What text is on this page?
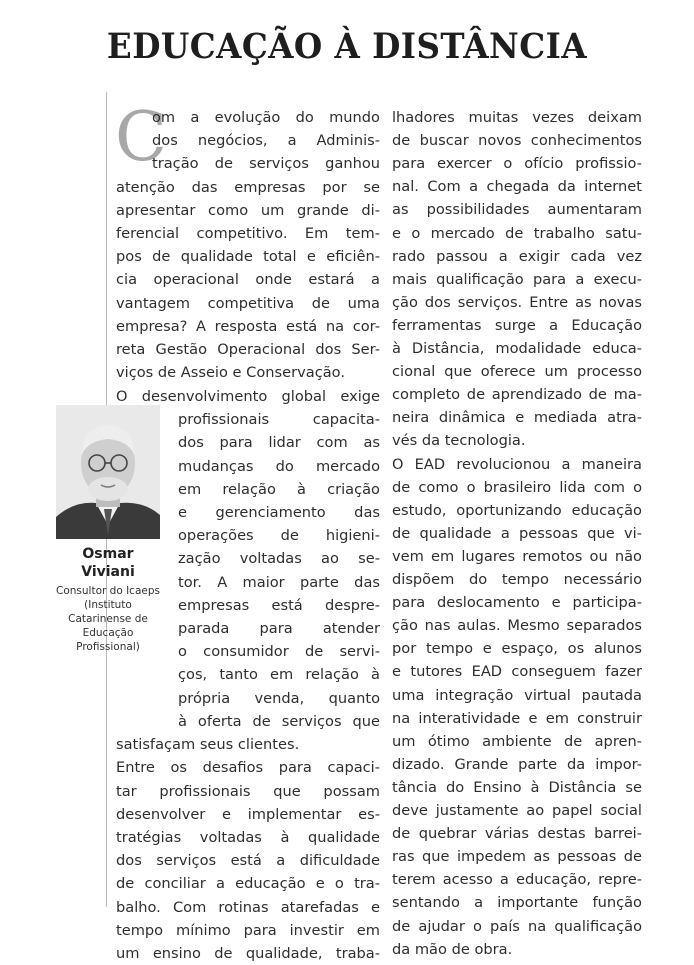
EDUCAÇÃO À DISTÂNCIA
C
Osmar
Viviani
Consultor do Icaeps (Instituto Catarinense de Educação Profissional)
om a evolução do mundo
dos negócios, a Adminis-
tração de serviços ganhou
atenção das empresas por se
apresentar como um grande di-
ferencial competitivo. Em tem-
pos de qualidade total e eficiên-
cia operacional onde estará a
vantagem competitiva de uma
empresa? A resposta está na cor-
reta Gestão Operacional dos Ser-
viços de Asseio e Conservação.
O desenvolvimento global exige
profissionais capacita-
dos para lidar com as
mudanças do mercado
em relação à criação
e gerenciamento das
operações de higieni-
zação voltadas ao se-
tor. A maior parte das
empresas está despre-
parada para atender
o consumidor de servi-
ços, tanto em relação à
própria venda, quanto
à oferta de serviços que
satisfaçam seus clientes.
Entre os desafios para capaci-
tar profissionais que possam
desenvolver e implementar es-
tratégias voltadas à qualidade
dos serviços está a dificuldade
de conciliar a educação e o tra-
balho. Com rotinas atarefadas e
tempo mínimo para investir em
um ensino de qualidade, traba-
lhadores muitas vezes deixam
de buscar novos conhecimentos
para exercer o ofício profissio-
nal. Com a chegada da internet
as possibilidades aumentaram
e o mercado de trabalho satu-
rado passou a exigir cada vez
mais qualificação para a execu-
ção dos serviços. Entre as novas
ferramentas surge a Educação
à Distância, modalidade educa-
cional que oferece um processo
completo de aprendizado de ma-
neira dinâmica e mediada atra-
vés da tecnologia.
O EAD revolucionou a maneira
de como o brasileiro lida com o
estudo, oportunizando educação
de qualidade a pessoas que vi-
vem em lugares remotos ou não
dispõem do tempo necessário
para deslocamento e participa-
ção nas aulas. Mesmo separados
por tempo e espaço, os alunos
e tutores EAD conseguem fazer
uma integração virtual pautada
na interatividade e em construir
um ótimo ambiente de apren-
dizado. Grande parte da impor-
tância do Ensino à Distância se
deve justamente ao papel social
de quebrar várias destas barrei-
ras que impedem as pessoas de
terem acesso a educação, repre-
sentando a importante função
de ajudar o país na qualificação
da mão de obra.
